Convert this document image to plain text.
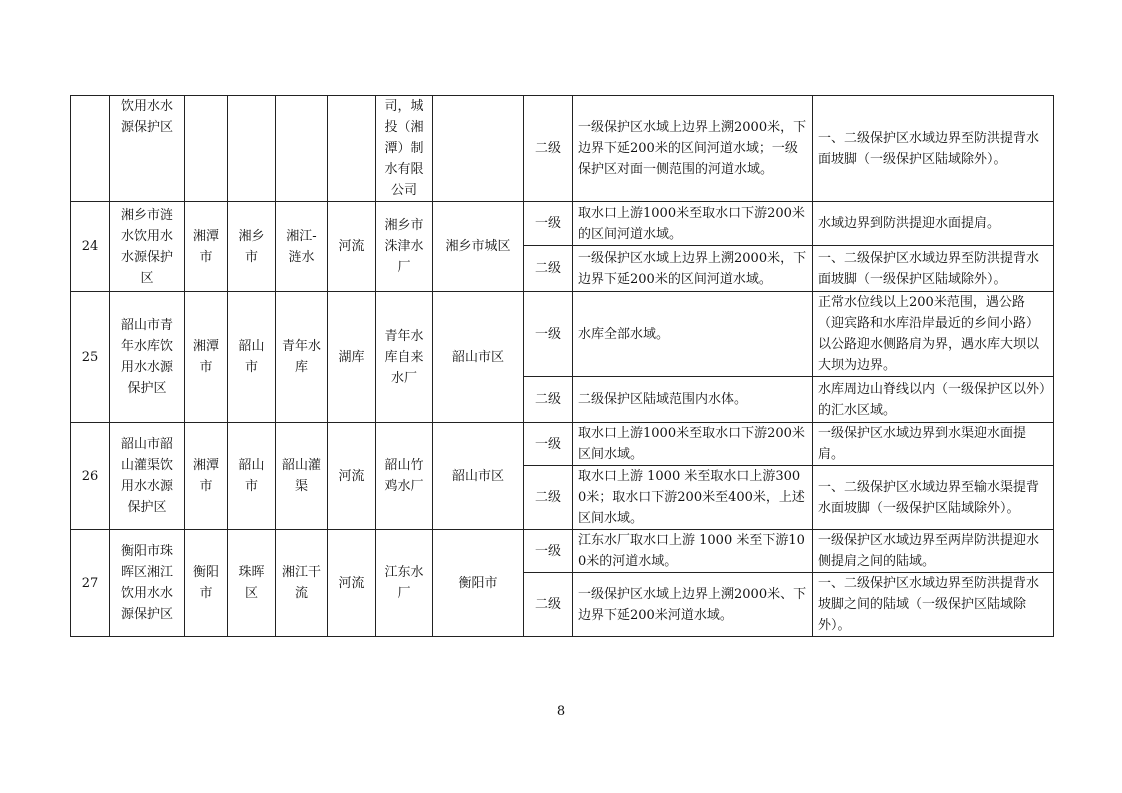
	饮用水水源保护区					司，城投（湘潭）制水有限公司		二级	一级保护区水域上边界上溯2000米，下边界下延200米的区间河道水域；一级保护区对面一侧范围的河道水域。	一、二级保护区水域边界至防洪提背水面坡脚（一级保护区陆域除外）。
24	湘乡市涟水饮用水水源保护区	湘潭市	湘乡市	湘江-涟水	河流	湘乡市洙津水厂	湘乡市城区	一级	取水口上游1000米至取水口下游200米的区间河道水域。	水域边界到防洪提迎水面提肩。
								二级	一级保护区水域上边界上溯2000米，下边界下延200米的区间河道水域。	一、二级保护区水域边界至防洪提背水面坡脚（一级保护区陆域除外）。
25	韶山市青年水库饮用水水源保护区	湘潭市	韶山市	青年水库	湖库	青年水库自来水厂	韶山市区	一级	水库全部水域。	正常水位线以上200米范围，遇公路（迎宾路和水库沿岸最近的乡间小路）以公路迎水侧路肩为界，遇水库大坝以大坝为边界。
								二级	二级保护区陆域范围内水体。	水库周边山脊线以内（一级保护区以外）的汇水区域。
26	韶山市韶山灌渠饮用水水源保护区	湘潭市	韶山市	韶山灌渠	河流	韶山竹鸡水厂	韶山市区	一级	取水口上游1000米至取水口下游200米区间水域。	一级保护区水域边界到水渠迎水面提肩。
								二级	取水口上游 1000 米至取水口上游3000米；取水口下游200米至400米，上述区间水域。	一、二级保护区水域边界至输水渠提背水面坡脚（一级保护区陆域除外）。
27	衡阳市珠晖区湘江饮用水水源保护区	衡阳市	珠晖区	湘江干流	河流	江东水厂	衡阳市	一级	江东水厂取水口上游 1000 米至下游100米的河道水域。	一级保护区水域边界至两岸防洪提迎水侧提肩之间的陆域。
								二级	一级保护区水域上边界上溯2000米、下边界下延200米河道水域。	一、二级保护区水域边界至防洪提背水坡脚之间的陆域（一级保护区陆域除外）。
8
